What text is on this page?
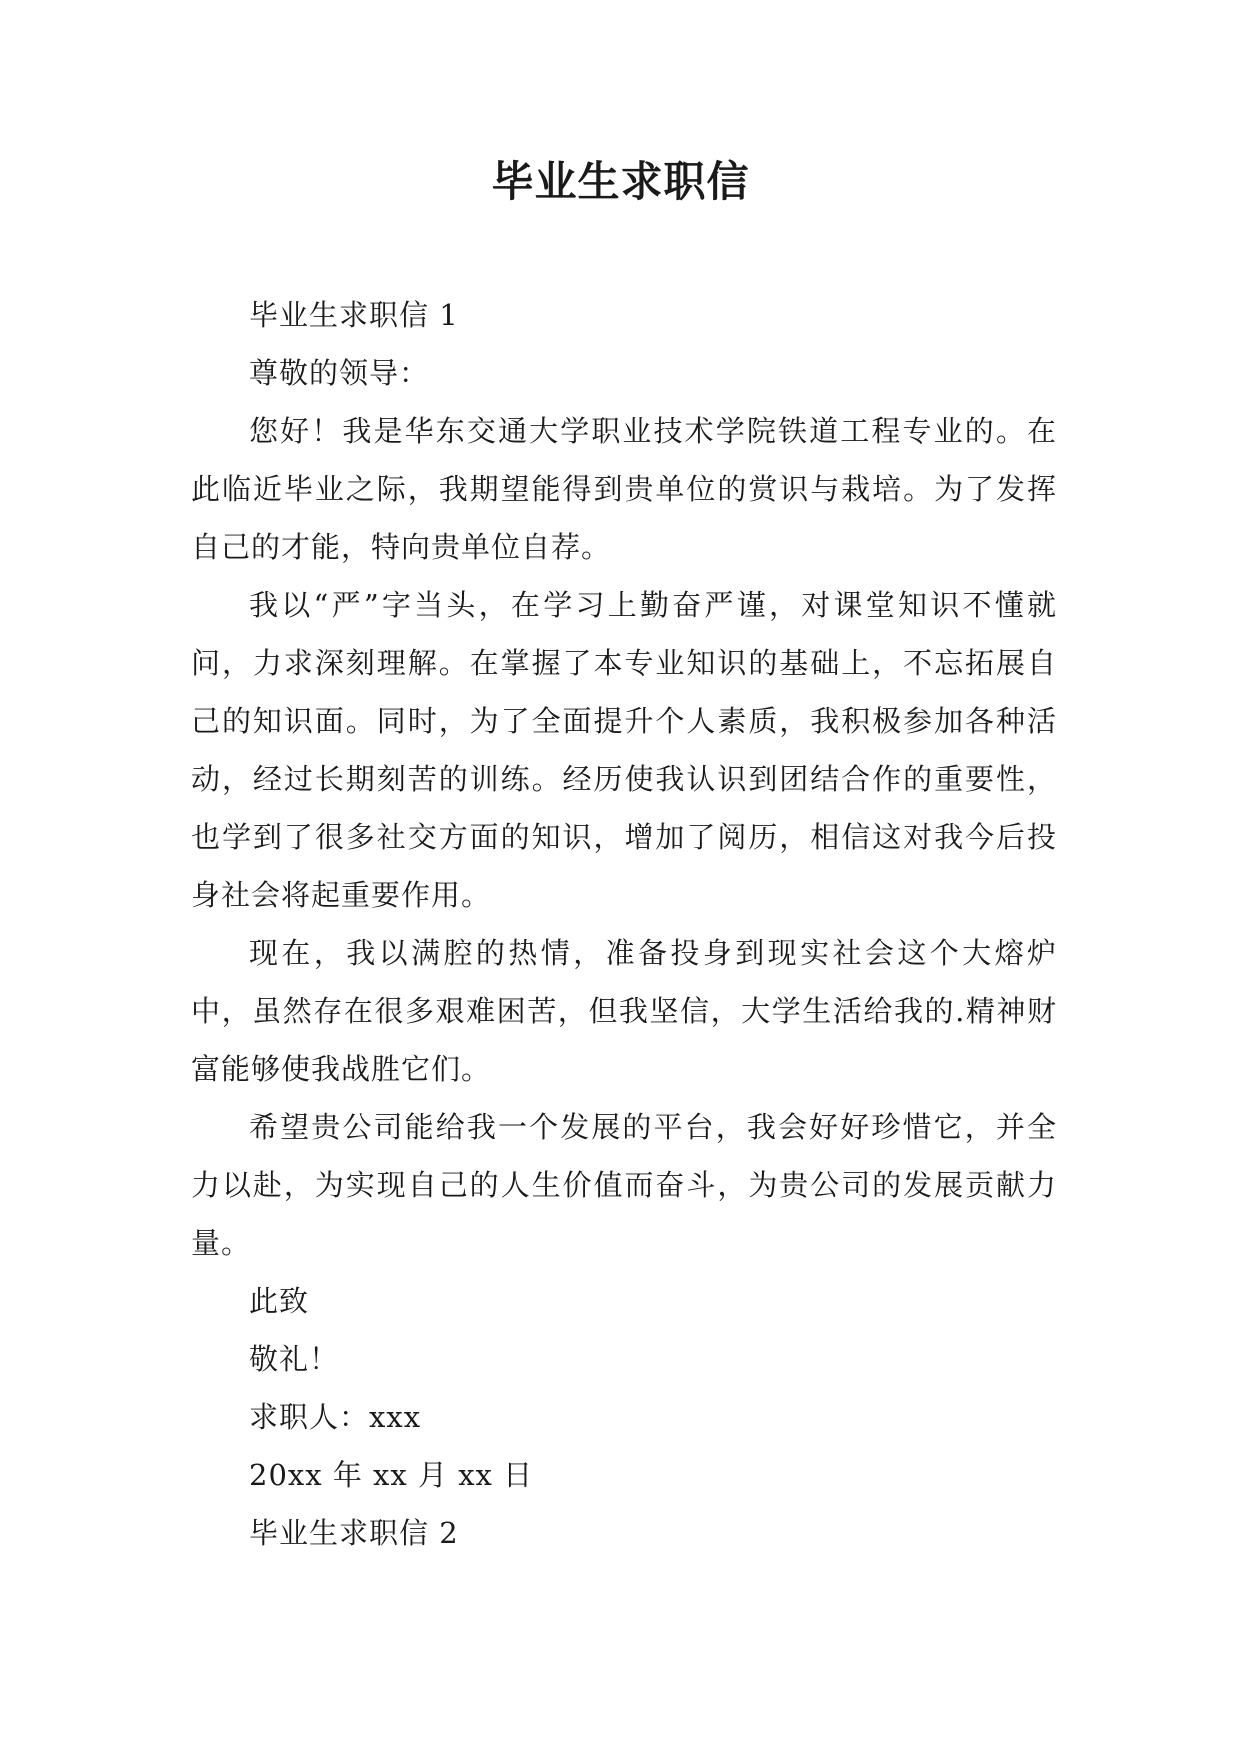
毕业生求职信

毕业生求职信 1

尊敬的领导：

您好！我是华东交通大学职业技术学院铁道工程专业的。在此临近毕业之际，我期望能得到贵单位的赏识与栽培。为了发挥自己的才能，特向贵单位自荐。

我以“严”字当头，在学习上勤奋严谨，对课堂知识不懂就问，力求深刻理解。在掌握了本专业知识的基础上，不忘拓展自己的知识面。同时，为了全面提升个人素质，我积极参加各种活动，经过长期刻苦的训练。经历使我认识到团结合作的重要性，也学到了很多社交方面的知识，增加了阅历，相信这对我今后投身社会将起重要作用。

现在，我以满腔的热情，准备投身到现实社会这个大熔炉中，虽然存在很多艰难困苦，但我坚信，大学生活给我的.精神财富能够使我战胜它们。

希望贵公司能给我一个发展的平台，我会好好珍惜它，并全力以赴，为实现自己的人生价值而奋斗，为贵公司的发展贡献力量。

此致

敬礼！

求职人：xxx

20xx 年 xx 月 xx 日

毕业生求职信 2
